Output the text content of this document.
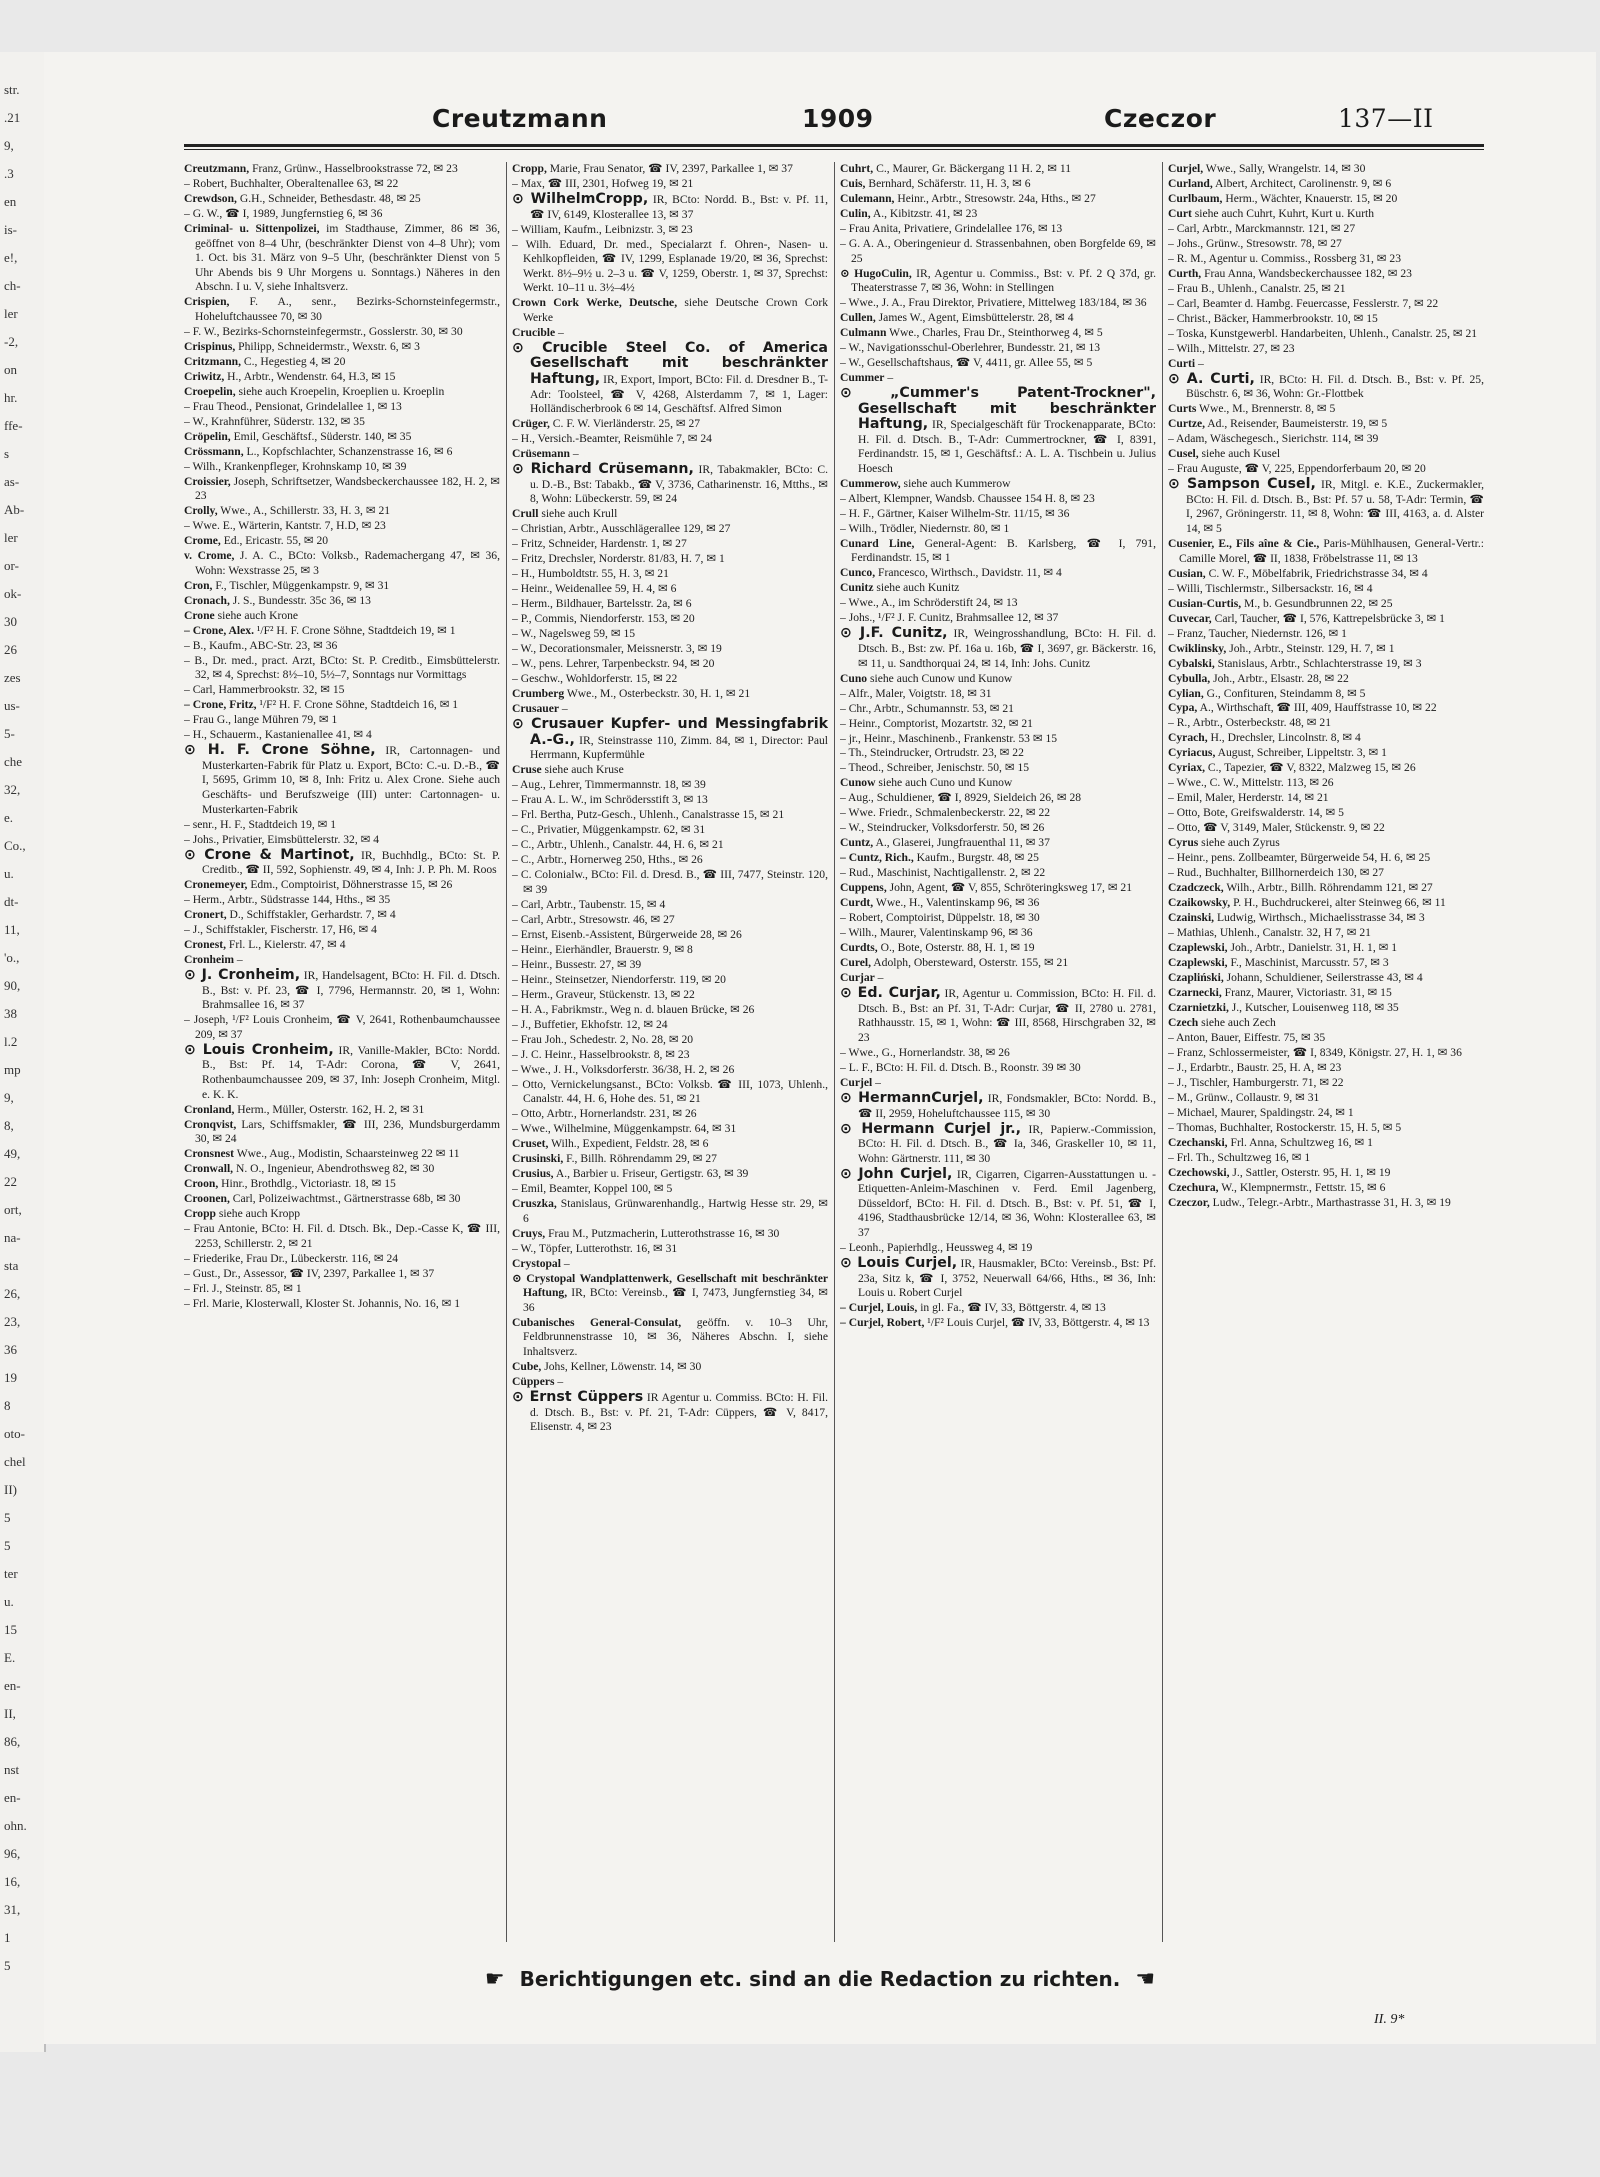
str.
.21
9,
.3
en
is-
e!,
ch-
ler
-2,
on
hr.
ffe-
s
as-
Ab-
ler
or-
ok-
30
26
zes
us-
5-
che
32,
e.
Co.,
u.
dt-
11,
'o.,
90,
38
l.2
mp
9,
8,
49,
22
ort,
na-
sta
26,
23,
36
19
8
oto-
chel
II)
5
5
ter
u.
15
E.
en-
II,
86,
nst
en-
ohn.
96,
16,
31,
1
5
Creutzmann	1909	Czeczor	137—II

Creutzmann, Franz, Grünw., Hasselbrookstrasse 72, ✉ 23

– Robert, Buchhalter, Oberaltenallee 63, ✉ 22

Crewdson, G.H., Schneider, Bethesdastr. 48, ✉ 25

– G. W., ☎ I, 1989, Jungfernstieg 6, ✉ 36

Criminal- u. Sittenpolizei, im Stadthause, Zimmer, 86 ✉ 36, geöffnet von 8–4 Uhr, (beschränkter Dienst von 4–8 Uhr); vom 1. Oct. bis 31. März von 9–5 Uhr, (beschränkter Dienst von 5 Uhr Abends bis 9 Uhr Morgens u. Sonntags.) Näheres in den Abschn. I u. V, siehe Inhaltsverz.

Crispien, F. A., senr., Bezirks-Schornsteinfegermstr., Hoheluftchaussee 70, ✉ 30

– F. W., Bezirks-Schornsteinfegermstr., Gosslerstr. 30, ✉ 30

Crispinus, Philipp, Schneidermstr., Wexstr. 6, ✉ 3

Critzmann, C., Hegestieg 4, ✉ 20

Criwitz, H., Arbtr., Wendenstr. 64, H.3, ✉ 15

Croepelin, siehe auch Kroepelin, Kroeplien u. Kroeplin

– Frau Theod., Pensionat, Grindelallee 1, ✉ 13

– W., Krahnführer, Süderstr. 132, ✉ 35

Cröpelin, Emil, Geschäftsf., Süderstr. 140, ✉ 35

Crössmann, L., Kopfschlachter, Schanzenstrasse 16, ✉ 6

– Wilh., Krankenpfleger, Krohnskamp 10, ✉ 39

Croissier, Joseph, Schriftsetzer, Wandsbeckerchaussee 182, H. 2, ✉ 23

Crolly, Wwe., A., Schillerstr. 33, H. 3, ✉ 21

– Wwe. E., Wärterin, Kantstr. 7, H.D, ✉ 23

Crome, Ed., Ericastr. 55, ✉ 20

v. Crome, J. A. C., BCto: Volksb., Rademachergang 47, ✉ 36, Wohn: Wexstrasse 25, ✉ 3

Cron, F., Tischler, Müggenkampstr. 9, ✉ 31

Cronach, J. S., Bundesstr. 35c 36, ✉ 13

Crone siehe auch Krone

– Crone, Alex. ¹/F² H. F. Crone Söhne, Stadtdeich 19, ✉ 1

– B., Kaufm., ABC-Str. 23, ✉ 36

– B., Dr. med., pract. Arzt, BCto: St. P. Creditb., Eimsbüttelerstr. 32, ✉ 4, Sprechst: 8½–10, 5½–7, Sonntags nur Vormittags

– Carl, Hammerbrookstr. 32, ✉ 15

– Crone, Fritz, ¹/F² H. F. Crone Söhne, Stadtdeich 16, ✉ 1

– Frau G., lange Mühren 79, ✉ 1

– H., Schauerm., Kastanienallee 41, ✉ 4

⊙ H. F. Crone Söhne, IR, Cartonnagen- und Musterkarten-Fabrik für Platz u. Export, BCto: C.-u. D.-B., ☎ I, 5695, Grimm 10, ✉ 8, Inh: Fritz u. Alex Crone. Siehe auch Geschäfts- und Berufszweige (III) unter: Cartonnagen- u. Musterkarten-Fabrik

– senr., H. F., Stadtdeich 19, ✉ 1

– Johs., Privatier, Eimsbüttelerstr. 32, ✉ 4

⊙ Crone & Martinot, IR, Buchhdlg., BCto: St. P. Creditb., ☎ II, 592, Sophienstr. 49, ✉ 4, Inh: J. P. Ph. M. Roos

Cronemeyer, Edm., Comptoirist, Döhnerstrasse 15, ✉ 26

– Herm., Arbtr., Südstrasse 144, Hths., ✉ 35

Cronert, D., Schiffstakler, Gerhardstr. 7, ✉ 4

– J., Schiffstakler, Fischerstr. 17, H6, ✉ 4

Cronest, Frl. L., Kielerstr. 47, ✉ 4

Cronheim –

⊙ J. Cronheim, IR, Handelsagent, BCto: H. Fil. d. Dtsch. B., Bst: v. Pf. 23, ☎ I, 7796, Hermannstr. 20, ✉ 1, Wohn: Brahmsallee 16, ✉ 37

– Joseph, ¹/F² Louis Cronheim, ☎ V, 2641, Rothenbaumchaussee 209, ✉ 37

⊙ Louis Cronheim, IR, Vanille-Makler, BCto: Nordd. B., Bst: Pf. 14, T-Adr: Corona, ☎ V, 2641, Rothenbaumchaussee 209, ✉ 37, Inh: Joseph Cronheim, Mitgl. e. K. K.

Cronland, Herm., Müller, Osterstr. 162, H. 2, ✉ 31

Cronqvist, Lars, Schiffsmakler, ☎ III, 236, Mundsburgerdamm 30, ✉ 24

Cronsnest Wwe., Aug., Modistin, Schaarsteinweg 22 ✉ 11

Cronwall, N. O., Ingenieur, Abendrothsweg 82, ✉ 30

Croon, Hinr., Brothdlg., Victoriastr. 18, ✉ 15

Croonen, Carl, Polizeiwachtmst., Gärtnerstrasse 68b, ✉ 30

Cropp siehe auch Kropp

– Frau Antonie, BCto: H. Fil. d. Dtsch. Bk., Dep.-Casse K, ☎ III, 2253, Schillerstr. 2, ✉ 21

– Friederike, Frau Dr., Lübeckerstr. 116, ✉ 24

– Gust., Dr., Assessor, ☎ IV, 2397, Parkallee 1, ✉ 37

– Frl. J., Steinstr. 85, ✉ 1

– Frl. Marie, Klosterwall, Kloster St. Johannis, No. 16, ✉ 1

Cropp, Marie, Frau Senator, ☎ IV, 2397, Parkallee 1, ✉ 37

– Max, ☎ III, 2301, Hofweg 19, ✉ 21

⊙ WilhelmCropp, IR, BCto: Nordd. B., Bst: v. Pf. 11, ☎ IV, 6149, Klosterallee 13, ✉ 37

– William, Kaufm., Leibnizstr. 3, ✉ 23

– Wilh. Eduard, Dr. med., Specialarzt f. Ohren-, Nasen- u. Kehlkopfleiden, ☎ IV, 1299, Esplanade 19/20, ✉ 36, Sprechst: Werkt. 8½–9½ u. 2–3 u. ☎ V, 1259, Oberstr. 1, ✉ 37, Sprechst: Werkt. 10–11 u. 3½–4½

Crown Cork Werke, Deutsche, siehe Deutsche Crown Cork Werke

Crucible –

⊙ Crucible Steel Co. of America Gesellschaft mit beschränkter Haftung, IR, Export, Import, BCto: Fil. d. Dresdner B., T-Adr: Toolsteel, ☎ V, 4268, Alsterdamm 7, ✉ 1, Lager: Holländischerbrook 6 ✉ 14, Geschäftsf. Alfred Simon

Crüger, C. F. W. Vierländerstr. 25, ✉ 27

– H., Versich.-Beamter, Reismühle 7, ✉ 24

Crüsemann –

⊙ Richard Crüsemann, IR, Tabakmakler, BCto: C. u. D.-B., Bst: Tabakb., ☎ V, 3736, Catharinenstr. 16, Mtths., ✉ 8, Wohn: Lübeckerstr. 59, ✉ 24

Crull siehe auch Krull

– Christian, Arbtr., Ausschlägerallee 129, ✉ 27

– Fritz, Schneider, Hardenstr. 1, ✉ 27

– Fritz, Drechsler, Norderstr. 81/83, H. 7, ✉ 1

– H., Humboldtstr. 55, H. 3, ✉ 21

– Heinr., Weidenallee 59, H. 4, ✉ 6

– Herm., Bildhauer, Bartelsstr. 2a, ✉ 6

– P., Commis, Niendorferstr. 153, ✉ 20

– W., Nagelsweg 59, ✉ 15

– W., Decorationsmaler, Meissnerstr. 3, ✉ 19

– W., pens. Lehrer, Tarpenbeckstr. 94, ✉ 20

– Geschw., Wohldorferstr. 15, ✉ 22

Crumberg Wwe., M., Osterbeckstr. 30, H. 1, ✉ 21

Crusauer –

⊙ Crusauer Kupfer- und Messingfabrik A.-G., IR, Steinstrasse 110, Zimm. 84, ✉ 1, Director: Paul Herrmann, Kupfermühle

Cruse siehe auch Kruse

– Aug., Lehrer, Timmermannstr. 18, ✉ 39

– Frau A. L. W., im Schrödersstift 3, ✉ 13

– Frl. Bertha, Putz-Gesch., Uhlenh., Canalstrasse 15, ✉ 21

– C., Privatier, Müggenkampstr. 62, ✉ 31

– C., Arbtr., Uhlenh., Canalstr. 44, H. 6, ✉ 21

– C., Arbtr., Hornerweg 250, Hths., ✉ 26

– C. Colonialw., BCto: Fil. d. Dresd. B., ☎ III, 7477, Steinstr. 120, ✉ 39

– Carl, Arbtr., Taubenstr. 15, ✉ 4

– Carl, Arbtr., Stresowstr. 46, ✉ 27

– Ernst, Eisenb.-Assistent, Bürgerweide 28, ✉ 26

– Heinr., Eierhändler, Brauerstr. 9, ✉ 8

– Heinr., Bussestr. 27, ✉ 39

– Heinr., Steinsetzer, Niendorferstr. 119, ✉ 20

– Herm., Graveur, Stückenstr. 13, ✉ 22

– H. A., Fabrikmstr., Weg n. d. blauen Brücke, ✉ 26

– J., Buffetier, Ekhofstr. 12, ✉ 24

– Frau Joh., Schedestr. 2, No. 28, ✉ 20

– J. C. Heinr., Hasselbrookstr. 8, ✉ 23

– Wwe., J. H., Volksdorferstr. 36/38, H. 2, ✉ 26

– Otto, Vernickelungsanst., BCto: Volksb. ☎ III, 1073, Uhlenh., Canalstr. 44, H. 6, Hohe des. 51, ✉ 21

– Otto, Arbtr., Hornerlandstr. 231, ✉ 26

– Wwe., Wilhelmine, Müggenkampstr. 64, ✉ 31

Cruset, Wilh., Expedient, Feldstr. 28, ✉ 6

Crusinski, F., Billh. Röhrendamm 29, ✉ 27

Crusius, A., Barbier u. Friseur, Gertigstr. 63, ✉ 39

– Emil, Beamter, Koppel 100, ✉ 5

Cruszka, Stanislaus, Grünwarenhandlg., Hartwig Hesse str. 29, ✉ 6

Cruys, Frau M., Putzmacherin, Lutterothstrasse 16, ✉ 30

– W., Töpfer, Lutterothstr. 16, ✉ 31

Crystopal –

⊙ Crystopal Wandplattenwerk, Gesellschaft mit beschränkter Haftung, IR, BCto: Vereinsb., ☎ I, 7473, Jungfernstieg 34, ✉ 36

Cubanisches General-Consulat, geöffn. v. 10–3 Uhr, Feldbrunnenstrasse 10, ✉ 36, Näheres Abschn. I, siehe Inhaltsverz.

Cube, Johs, Kellner, Löwenstr. 14, ✉ 30

Cüppers –

⊙ Ernst Cüppers IR Agentur u. Commiss. BCto: H. Fil. d. Dtsch. B., Bst: v. Pf. 21, T-Adr: Cüppers, ☎ V, 8417, Elisenstr. 4, ✉ 23

Cuhrt, C., Maurer, Gr. Bäckergang 11 H. 2, ✉ 11

Cuis, Bernhard, Schäferstr. 11, H. 3, ✉ 6

Culemann, Heinr., Arbtr., Stresowstr. 24a, Hths., ✉ 27

Culin, A., Kibitzstr. 41, ✉ 23

– Frau Anita, Privatiere, Grindelallee 176, ✉ 13

– G. A. A., Oberingenieur d. Strassenbahnen, oben Borgfelde 69, ✉ 25

⊙ HugoCulin, IR, Agentur u. Commiss., Bst: v. Pf. 2 Q 37d, gr. Theaterstrasse 7, ✉ 36, Wohn: in Stellingen

– Wwe., J. A., Frau Direktor, Privatiere, Mittelweg 183/184, ✉ 36

Cullen, James W., Agent, Eimsbüttelerstr. 28, ✉ 4

Culmann Wwe., Charles, Frau Dr., Steinthorweg 4, ✉ 5

– W., Navigationsschul-Oberlehrer, Bundesstr. 21, ✉ 13

– W., Gesellschaftshaus, ☎ V, 4411, gr. Allee 55, ✉ 5

Cummer –

⊙ „Cummer's Patent-Trockner", Gesellschaft mit beschränkter Haftung, IR, Specialgeschäft für Trockenapparate, BCto: H. Fil. d. Dtsch. B., T-Adr: Cummertrockner, ☎ I, 8391, Ferdinandstr. 15, ✉ 1, Geschäftsf.: A. L. A. Tischbein u. Julius Hoesch

Cummerow, siehe auch Kummerow

– Albert, Klempner, Wandsb. Chaussee 154 H. 8, ✉ 23

– H. F., Gärtner, Kaiser Wilhelm-Str. 11/15, ✉ 36

– Wilh., Trödler, Niedernstr. 80, ✉ 1

Cunard Line, General-Agent: B. Karlsberg, ☎ I, 791, Ferdinandstr. 15, ✉ 1

Cunco, Francesco, Wirthsch., Davidstr. 11, ✉ 4

Cunitz siehe auch Kunitz

– Wwe., A., im Schröderstift 24, ✉ 13

– Johs., ¹/F² J. F. Cunitz, Brahmsallee 12, ✉ 37

⊙ J.F. Cunitz, IR, Weingrosshandlung, BCto: H. Fil. d. Dtsch. B., Bst: zw. Pf. 16a u. 16b, ☎ I, 3697, gr. Bäckerstr. 16, ✉ 11, u. Sandthorquai 24, ✉ 14, Inh: Johs. Cunitz

Cuno siehe auch Cunow und Kunow

– Alfr., Maler, Voigtstr. 18, ✉ 31

– Chr., Arbtr., Schumannstr. 53, ✉ 21

– Heinr., Comptorist, Mozartstr. 32, ✉ 21

– jr., Heinr., Maschinenb., Frankenstr. 53 ✉ 15

– Th., Steindrucker, Ortrudstr. 23, ✉ 22

– Theod., Schreiber, Jenischstr. 50, ✉ 15

Cunow siehe auch Cuno und Kunow

– Aug., Schuldiener, ☎ I, 8929, Sieldeich 26, ✉ 28

– Wwe. Friedr., Schmalenbeckerstr. 22, ✉ 22

– W., Steindrucker, Volksdorferstr. 50, ✉ 26

Cuntz, A., Glaserei, Jungfrauenthal 11, ✉ 37

– Cuntz, Rich., Kaufm., Burgstr. 48, ✉ 25

– Rud., Maschinist, Nachtigallenstr. 2, ✉ 22

Cuppens, John, Agent, ☎ V, 855, Schröteringksweg 17, ✉ 21

Curdt, Wwe., H., Valentinskamp 96, ✉ 36

– Robert, Comptoirist, Düppelstr. 18, ✉ 30

– Wilh., Maurer, Valentinskamp 96, ✉ 36

Curdts, O., Bote, Osterstr. 88, H. 1, ✉ 19

Curel, Adolph, Obersteward, Osterstr. 155, ✉ 21

Curjar –

⊙ Ed. Curjar, IR, Agentur u. Commission, BCto: H. Fil. d. Dtsch. B., Bst: an Pf. 31, T-Adr: Curjar, ☎ II, 2780 u. 2781, Rathhausstr. 15, ✉ 1, Wohn: ☎ III, 8568, Hirschgraben 32, ✉ 23

– Wwe., G., Hornerlandstr. 38, ✉ 26

– L. F., BCto: H. Fil. d. Dtsch. B., Roonstr. 39 ✉ 30

Curjel –

⊙ HermannCurjel, IR, Fondsmakler, BCto: Nordd. B., ☎ II, 2959, Hoheluftchaussee 115, ✉ 30

⊙ Hermann Curjel jr., IR, Papierw.-Commission, BCto: H. Fil. d. Dtsch. B., ☎ Ia, 346, Graskeller 10, ✉ 11, Wohn: Gärtnerstr. 111, ✉ 30

⊙ John Curjel, IR, Cigarren, Cigarren-Ausstattungen u. -Etiquetten-Anleim-Maschinen v. Ferd. Emil Jagenberg, Düsseldorf, BCto: H. Fil. d. Dtsch. B., Bst: v. Pf. 51, ☎ I, 4196, Stadthausbrücke 12/14, ✉ 36, Wohn: Klosterallee 63, ✉ 37

– Leonh., Papierhdlg., Heussweg 4, ✉ 19

⊙ Louis Curjel, IR, Hausmakler, BCto: Vereinsb., Bst: Pf. 23a, Sitz k, ☎ I, 3752, Neuerwall 64/66, Hths., ✉ 36, Inh: Louis u. Robert Curjel

– Curjel, Louis, in gl. Fa., ☎ IV, 33, Böttgerstr. 4, ✉ 13

– Curjel, Robert, ¹/F² Louis Curjel, ☎ IV, 33, Böttgerstr. 4, ✉ 13

Curjel, Wwe., Sally, Wrangelstr. 14, ✉ 30

Curland, Albert, Architect, Carolinenstr. 9, ✉ 6

Curlbaum, Herm., Wächter, Knauerstr. 15, ✉ 20

Curt siehe auch Cuhrt, Kuhrt, Kurt u. Kurth

– Carl, Arbtr., Marckmannstr. 121, ✉ 27

– Johs., Grünw., Stresowstr. 78, ✉ 27

– R. M., Agentur u. Commiss., Rossberg 31, ✉ 23

Curth, Frau Anna, Wandsbeckerchaussee 182, ✉ 23

– Frau B., Uhlenh., Canalstr. 25, ✉ 21

– Carl, Beamter d. Hambg. Feuercasse, Fesslerstr. 7, ✉ 22

– Christ., Bäcker, Hammerbrookstr. 10, ✉ 15

– Toska, Kunstgewerbl. Handarbeiten, Uhlenh., Canalstr. 25, ✉ 21

– Wilh., Mittelstr. 27, ✉ 23

Curti –

⊙ A. Curti, IR, BCto: H. Fil. d. Dtsch. B., Bst: v. Pf. 25, Büschstr. 6, ✉ 36, Wohn: Gr.-Flottbek

Curts Wwe., M., Brennerstr. 8, ✉ 5

Curtze, Ad., Reisender, Baumeisterstr. 19, ✉ 5

– Adam, Wäschegesch., Sierichstr. 114, ✉ 39

Cusel, siehe auch Kusel

– Frau Auguste, ☎ V, 225, Eppendorferbaum 20, ✉ 20

⊙ Sampson Cusel, IR, Mitgl. e. K.E., Zuckermakler, BCto: H. Fil. d. Dtsch. B., Bst: Pf. 57 u. 58, T-Adr: Termin, ☎ I, 2967, Gröningerstr. 11, ✉ 8, Wohn: ☎ III, 4163, a. d. Alster 14, ✉ 5

Cusenier, E., Fils aîne & Cie., Paris-Mühlhausen, General-Vertr.: Camille Morel, ☎ II, 1838, Fröbelstrasse 11, ✉ 13

Cusian, C. W. F., Möbelfabrik, Friedrichstrasse 34, ✉ 4

– Willi, Tischlermstr., Silbersackstr. 16, ✉ 4

Cusian-Curtis, M., b. Gesundbrunnen 22, ✉ 25

Cuvecar, Carl, Taucher, ☎ I, 576, Kattrepelsbrücke 3, ✉ 1

– Franz, Taucher, Niedernstr. 126, ✉ 1

Cwiklinsky, Joh., Arbtr., Steinstr. 129, H. 7, ✉ 1

Cybalski, Stanislaus, Arbtr., Schlachterstrasse 19, ✉ 3

Cybulla, Joh., Arbtr., Elsastr. 28, ✉ 22

Cylian, G., Confituren, Steindamm 8, ✉ 5

Cypa, A., Wirthschaft, ☎ III, 409, Hauffstrasse 10, ✉ 22

– R., Arbtr., Osterbeckstr. 48, ✉ 21

Cyrach, H., Drechsler, Lincolnstr. 8, ✉ 4

Cyriacus, August, Schreiber, Lippeltstr. 3, ✉ 1

Cyriax, C., Tapezier, ☎ V, 8322, Malzweg 15, ✉ 26

– Wwe., C. W., Mittelstr. 113, ✉ 26

– Emil, Maler, Herderstr. 14, ✉ 21

– Otto, Bote, Greifswalderstr. 14, ✉ 5

– Otto, ☎ V, 3149, Maler, Stückenstr. 9, ✉ 22

Cyrus siehe auch Zyrus

– Heinr., pens. Zollbeamter, Bürgerweide 54, H. 6, ✉ 25

– Rud., Buchhalter, Billhornerdeich 130, ✉ 27

Czadczeck, Wilh., Arbtr., Billh. Röhrendamm 121, ✉ 27

Czaikowsky, P. H., Buchdruckerei, alter Steinweg 66, ✉ 11

Czainski, Ludwig, Wirthsch., Michaelisstrasse 34, ✉ 3

– Mathias, Uhlenh., Canalstr. 32, H 7, ✉ 21

Czaplewski, Joh., Arbtr., Danielstr. 31, H. 1, ✉ 1

Czaplewski, F., Maschinist, Marcusstr. 57, ✉ 3

Czapliński, Johann, Schuldiener, Seilerstrasse 43, ✉ 4

Czarnecki, Franz, Maurer, Victoriastr. 31, ✉ 15

Czarnietzki, J., Kutscher, Louisenweg 118, ✉ 35

Czech siehe auch Zech

– Anton, Bauer, Eiffestr. 75, ✉ 35

– Franz, Schlossermeister, ☎ I, 8349, Königstr. 27, H. 1, ✉ 36

– J., Erdarbtr., Baustr. 25, H. A, ✉ 23

– J., Tischler, Hamburgerstr. 71, ✉ 22

– M., Grünw., Collaustr. 9, ✉ 31

– Michael, Maurer, Spaldingstr. 24, ✉ 1

– Thomas, Buchhalter, Rostockerstr. 15, H. 5, ✉ 5

Czechanski, Frl. Anna, Schultzweg 16, ✉ 1

– Frl. Th., Schultzweg 16, ✉ 1

Czechowski, J., Sattler, Osterstr. 95, H. 1, ✉ 19

Czechura, W., Klempnermstr., Fettstr. 15, ✉ 6

Czeczor, Ludw., Telegr.-Arbtr., Marthastrasse 31, H. 3, ✉ 19

☛ Berichtigungen etc. sind an die Redaction zu richten. ☚
II. 9*
